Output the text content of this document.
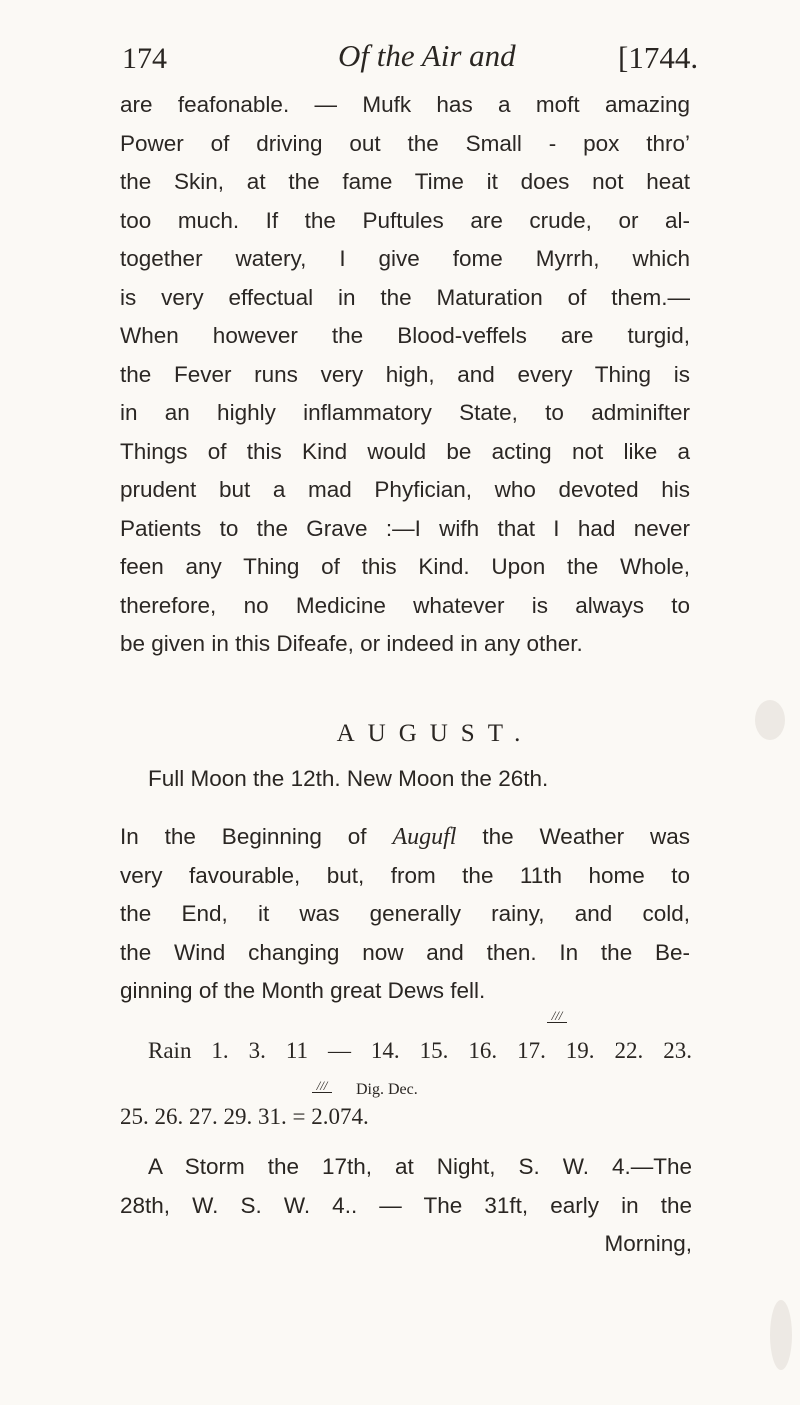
174	Of the Air and	[1744.
are feafonable. — Mufk has a moft amazing
Power of driving out the Small - pox thro’
the Skin, at the fame Time it does not heat
too much. If the Puftules are crude, or al-
together watery, I give fome Myrrh, which
is very effectual in the Maturation of them.—
When however the Blood-veffels are turgid,
the Fever runs very high, and every Thing is
in an highly inflammatory State, to adminifter
Things of this Kind would be acting not like a
prudent but a mad Phyfician, who devoted his
Patients to the Grave :—I wifh that I had never
feen any Thing of this Kind. Upon the Whole,
therefore, no Medicine whatever is always to
be given in this Difeafe, or indeed in any other.
AUGUST.
Full Moon the 12th. New Moon the 26th.
In the Beginning of Augufl the Weather was
very favourable, but, from the 11th home to
the End, it was generally rainy, and cold,
the Wind changing now and then. In the Be-
ginning of the Month great Dews fell.
///
Rain 1. 3. 11 — 14. 15. 16. 17. 19. 22. 23.
/// Dig. Dec.
25. 26. 27. 29. 31. = 2.074.
A Storm the 17th, at Night, S. W. 4.—The
28th, W. S. W. 4.. — The 31ft, early in the
Morning,
